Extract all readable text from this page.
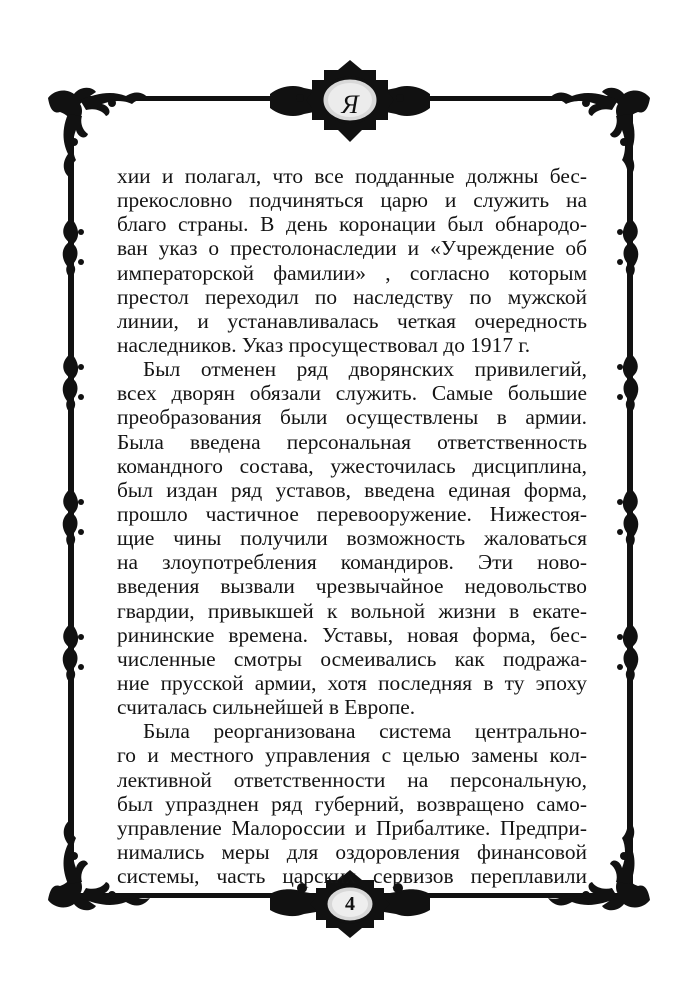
Я
4
хии и полагал, что все подданные должны бес-
прекословно подчиняться царю и служить на
благо страны. В день коронации был обнародо-
ван указ о престолонаследии и «Учреждение об
императорской фамилии» , согласно которым
престол переходил по наследству по мужской
линии, и устанавливалась четкая очередность
наследников. Указ просуществовал до 1917 г.
Был отменен ряд дворянских привилегий,
всех дворян обязали служить. Самые большие
преобразования были осуществлены в армии.
Была введена персональная ответственность
командного состава, ужесточилась дисциплина,
был издан ряд уставов, введена единая форма,
прошло частичное перевооружение. Нижестоя-
щие чины получили возможность жаловаться
на злоупотребления командиров. Эти ново-
введения вызвали чрезвычайное недовольство
гвардии, привыкшей к вольной жизни в екате-
рининские времена. Уставы, новая форма, бес-
численные смотры осмеивались как подража-
ние прусской армии, хотя последняя в ту эпоху
считалась сильнейшей в Европе.
Была реорганизована система центрально-
го и местного управления с целью замены кол-
лективной ответственности на персональную,
был упразднен ряд губерний, возвращено само-
управление Малороссии и Прибалтике. Предпри-
нимались меры для оздоровления финансовой
системы, часть царских сервизов переплавили
